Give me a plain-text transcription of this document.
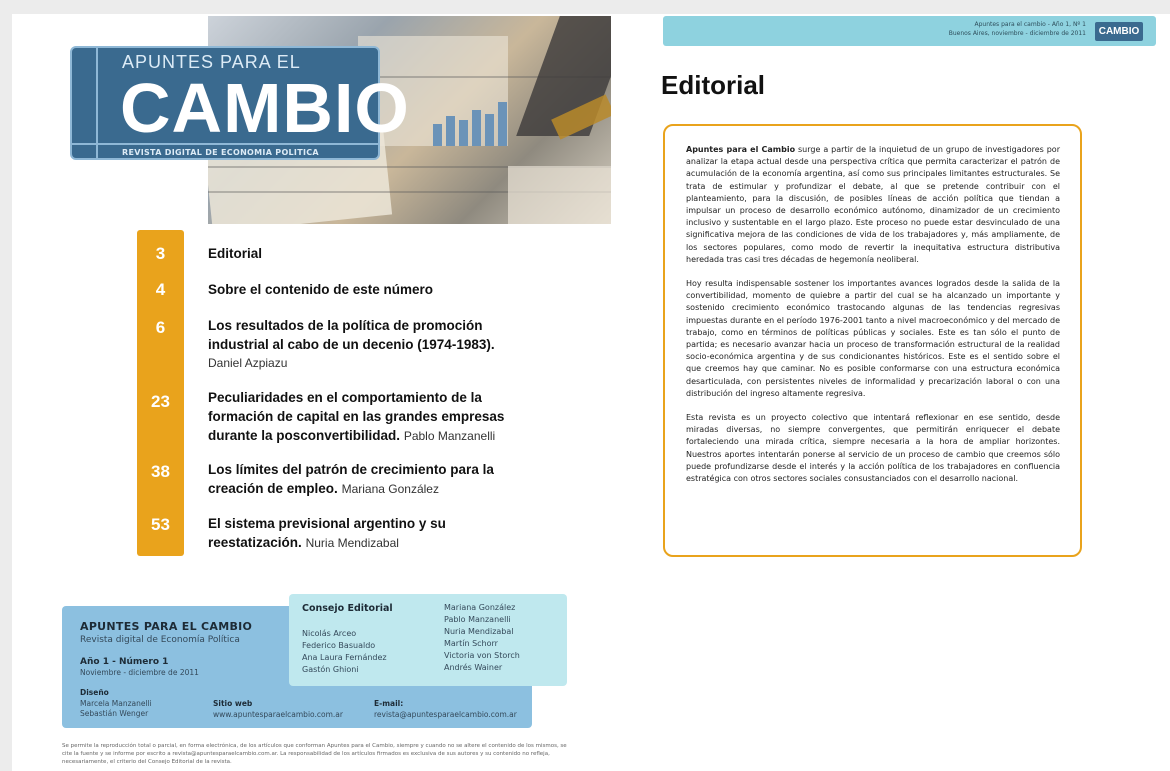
APUNTES PARA EL
CAMBIO
REVISTA DIGITAL DE ECONOMIA POLITICA
3	Editorial
4	Sobre el contenido de este número
6	Los resultados de la política de promoción industrial al cabo de un decenio (1974-1983).
Daniel Azpiazu
23	Peculiaridades en el comportamiento de la formación de capital en las grandes empresas durante la posconvertibilidad. Pablo Manzanelli
38	Los límites del patrón de crecimiento para la creación de empleo. Mariana González
53	El sistema previsional argentino y su reestatización. Nuria Mendizabal
APUNTES PARA EL CAMBIO
Revista digital de Economía Política
Año 1 - Número 1
Noviembre - diciembre de 2011
Diseño
Marcela Manzanelli
Sebastián Wenger
Sitio web
www.apuntesparaelcambio.com.ar
E-mail:
revista@apuntesparaelcambio.com.ar
Consejo Editorial
Nicolás Arceo
Federico Basualdo
Ana Laura Fernández
Gastón Ghioni
Mariana González
Pablo Manzanelli
Nuria Mendizabal
Martín Schorr
Victoria von Storch
Andrés Wainer
Se permite la reproducción total o parcial, en forma electrónica, de los artículos que conforman Apuntes para el Cambio, siempre y cuando no se altere el contenido de los mismos, se cite la fuente y se informe por escrito a revista@apuntesparaelcambio.com.ar. La responsabilidad de los artículos firmados es exclusiva de sus autores y su contenido no refleja, necesariamente, el criterio del Consejo Editorial de la revista.
Apuntes para el cambio - Año 1, Nº 1
Buenos Aires, noviembre - diciembre de 2011	CAMBIO
Editorial

Apuntes para el Cambio surge a partir de la inquietud de un grupo de investigadores por analizar la etapa actual desde una perspectiva crítica que permita caracterizar el patrón de acumulación de la economía argentina, así como sus principales limitantes estructurales. Se trata de estimular y profundizar el debate, al que se pretende contribuir con el planteamiento, para la discusión, de posibles líneas de acción política que tiendan a impulsar un proceso de desarrollo económico autónomo, dinamizador de un crecimiento inclusivo y sustentable en el largo plazo. Este proceso no puede estar desvinculado de una significativa mejora de las condiciones de vida de los trabajadores y, más ampliamente, de los sectores populares, como modo de revertir la inequitativa estructura distributiva heredada tras casi tres décadas de hegemonía neoliberal.

Hoy resulta indispensable sostener los importantes avances logrados desde la salida de la convertibilidad, momento de quiebre a partir del cual se ha alcanzado un importante y sostenido crecimiento económico trastocando algunas de las tendencias regresivas impuestas durante en el período 1976-2001 tanto a nivel macroeconómico y del mercado de trabajo, como en términos de políticas públicas y sociales. Este es tan sólo el punto de partida; es necesario avanzar hacia un proceso de transformación estructural de la realidad socio-económica argentina y de sus condicionantes históricos. Este es el sentido sobre el que creemos hay que caminar. No es posible conformarse con una estructura económica desarticulada, con persistentes niveles de informalidad y precarización laboral o con una distribución del ingreso altamente regresiva.

Esta revista es un proyecto colectivo que intentará reflexionar en ese sentido, desde miradas diversas, no siempre convergentes, que permitirán enriquecer el debate fortaleciendo una mirada crítica, siempre necesaria a la hora de ampliar horizontes. Nuestros aportes intentarán ponerse al servicio de un proceso de cambio que creemos sólo puede profundizarse desde el interés y la acción política de los trabajadores en confluencia estratégica con otros sectores sociales consustanciados con el desarrollo nacional.
